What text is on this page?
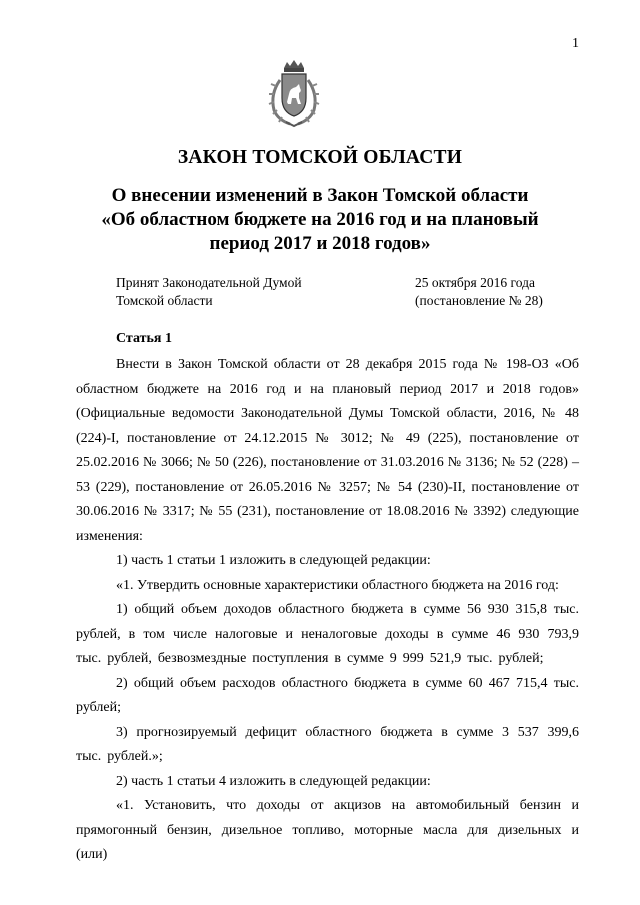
1
ЗАКОН ТОМСКОЙ ОБЛАСТИ
О внесении изменений в Закон Томской области
«Об областном бюджете на 2016 год и на плановый
период 2017 и 2018 годов»
Принят Законодательной Думой
Томской области
25 октября 2016 года
(постановление № 28)
Статья 1

Внести в Закон Томской области от 28 декабря 2015 года № 198-ОЗ «Об областном бюджете на 2016 год и на плановый период 2017 и 2018 годов» (Официальные ведомости Законодательной Думы Томской области, 2016, № 48 (224)-I, постановление от 24.12.2015 № 3012; № 49 (225), постановление от 25.02.2016 № 3066; № 50 (226), постановление от 31.03.2016 № 3136; № 52 (228) – 53 (229), постановление от 26.05.2016 № 3257; № 54 (230)-II, постановление от 30.06.2016 № 3317; № 55 (231), постановление от 18.08.2016 № 3392) следующие изменения:

1) часть 1 статьи 1 изложить в следующей редакции:

«1. Утвердить основные характеристики областного бюджета на 2016 год:

1) общий объем доходов областного бюджета в сумме 56 930 315,8 тыс. рублей, в том числе налоговые и неналоговые доходы в сумме 46 930 793,9 тыс. рублей, безвозмездные поступления в сумме 9 999 521,9 тыс. рублей;

2) общий объем расходов областного бюджета в сумме 60 467 715,4 тыс. рублей;

3) прогнозируемый дефицит областного бюджета в сумме 3 537 399,6 тыс. рублей.»;

2) часть 1 статьи 4 изложить в следующей редакции:

«1. Установить, что доходы от акцизов на автомобильный бензин и прямогонный бензин, дизельное топливо, моторные масла для дизельных и (или)
